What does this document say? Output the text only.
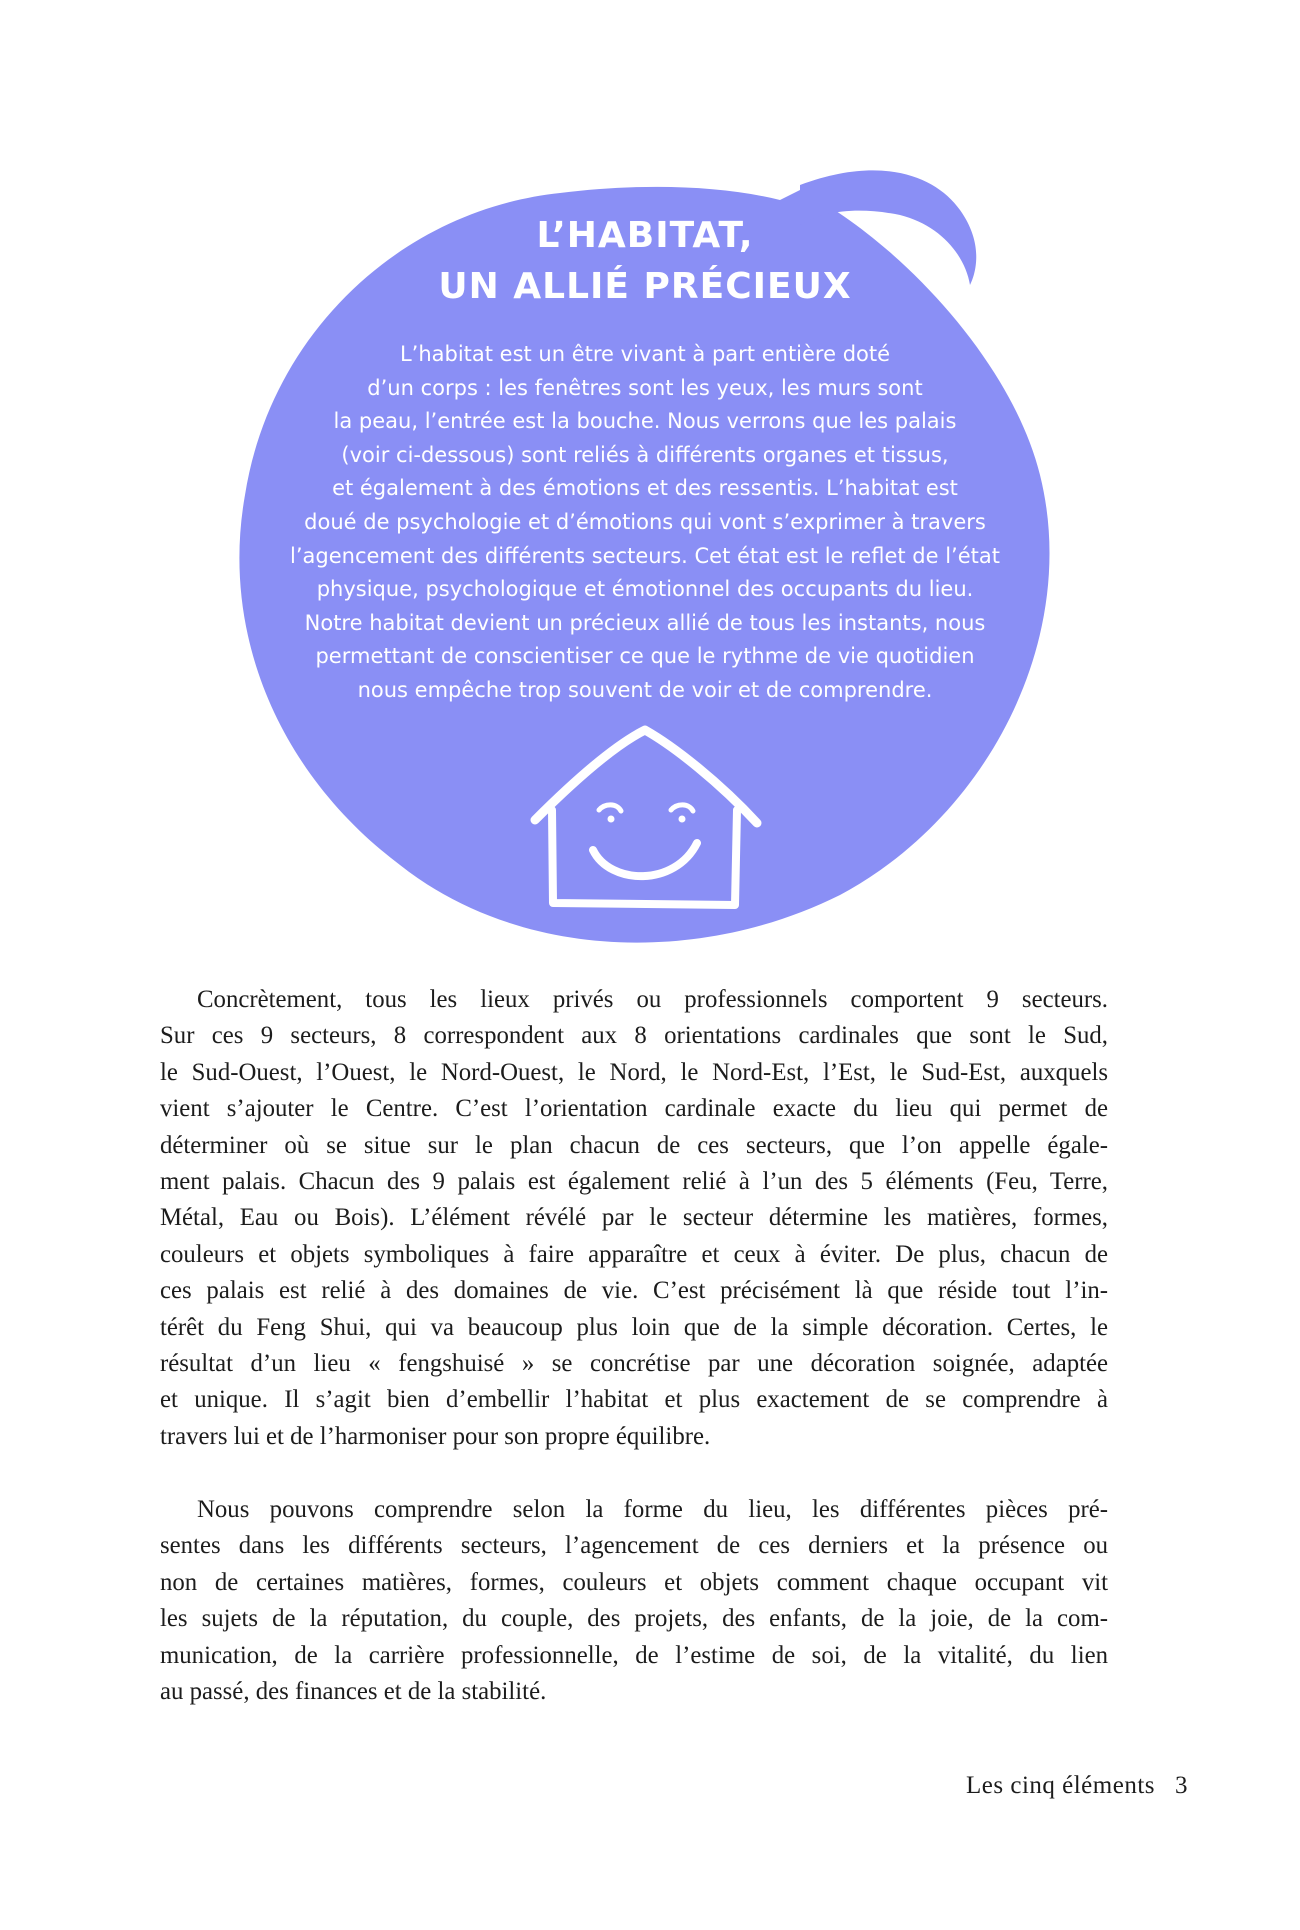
L’HABITAT,
UN ALLIÉ PRÉCIEUX
L’habitat est un être vivant à part entière doté
d’un corps : les fenêtres sont les yeux, les murs sont
la peau, l’entrée est la bouche. Nous verrons que les palais
(voir ci-dessous) sont reliés à différents organes et tissus,
et également à des émotions et des ressentis. L’habitat est
doué de psychologie et d’émotions qui vont s’exprimer à travers
l’agencement des différents secteurs. Cet état est le reflet de l’état
physique, psychologique et émotionnel des occupants du lieu.
Notre habitat devient un précieux allié de tous les instants, nous
permettant de conscientiser ce que le rythme de vie quotidien
nous empêche trop souvent de voir et de comprendre.
Concrètement, tous les lieux privés ou professionnels comportent 9 secteurs.
Sur ces 9 secteurs, 8 correspondent aux 8 orientations cardinales que sont le Sud,
le Sud-Ouest, l’Ouest, le Nord-Ouest, le Nord, le Nord-Est, l’Est, le Sud-Est, auxquels
vient s’ajouter le Centre. C’est l’orientation cardinale exacte du lieu qui permet de
déterminer où se situe sur le plan chacun de ces secteurs, que l’on appelle égale-
ment palais. Chacun des 9 palais est également relié à l’un des 5 éléments (Feu, Terre,
Métal, Eau ou Bois). L’élément révélé par le secteur détermine les matières, formes,
couleurs et objets symboliques à faire apparaître et ceux à éviter. De plus, chacun de
ces palais est relié à des domaines de vie. C’est précisément là que réside tout l’in-
térêt du Feng Shui, qui va beaucoup plus loin que de la simple décoration. Certes, le
résultat d’un lieu « fengshuisé » se concrétise par une décoration soignée, adaptée
et unique. Il s’agit bien d’embellir l’habitat et plus exactement de se comprendre à
travers lui et de l’harmoniser pour son propre équilibre.
Nous pouvons comprendre selon la forme du lieu, les différentes pièces pré-
sentes dans les différents secteurs, l’agencement de ces derniers et la présence ou
non de certaines matières, formes, couleurs et objets comment chaque occupant vit
les sujets de la réputation, du couple, des projets, des enfants, de la joie, de la com-
munication, de la carrière professionnelle, de l’estime de soi, de la vitalité, du lien
au passé, des finances et de la stabilité.
Les cinq éléments 3
